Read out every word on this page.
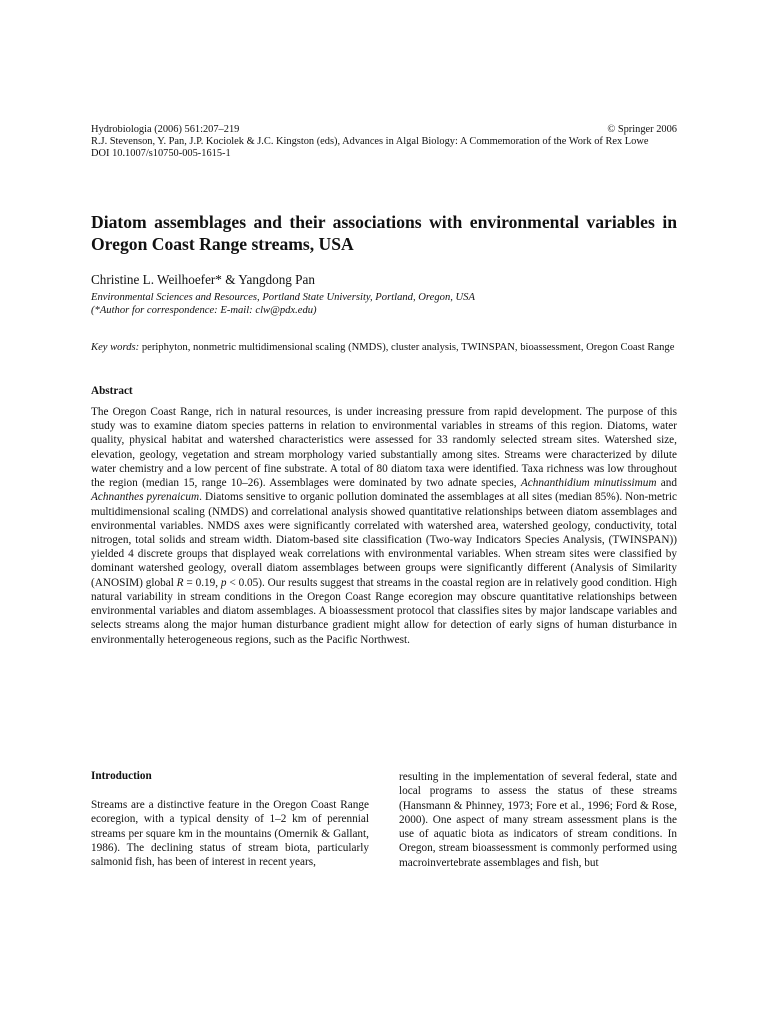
Hydrobiologia (2006) 561:207–219	© Springer 2006
R.J. Stevenson, Y. Pan, J.P. Kociolek & J.C. Kingston (eds), Advances in Algal Biology: A Commemoration of the Work of Rex Lowe
DOI 10.1007/s10750-005-1615-1
Diatom assemblages and their associations with environmental variables in Oregon Coast Range streams, USA
Christine L. Weilhoefer* & Yangdong Pan
Environmental Sciences and Resources, Portland State University, Portland, Oregon, USA
(*Author for correspondence: E-mail: clw@pdx.edu)
Key words: periphyton, nonmetric multidimensional scaling (NMDS), cluster analysis, TWINSPAN, bioassessment, Oregon Coast Range
Abstract
The Oregon Coast Range, rich in natural resources, is under increasing pressure from rapid development. The purpose of this study was to examine diatom species patterns in relation to environmental variables in streams of this region. Diatoms, water quality, physical habitat and watershed characteristics were assessed for 33 randomly selected stream sites. Watershed size, elevation, geology, vegetation and stream morphology varied substantially among sites. Streams were characterized by dilute water chemistry and a low percent of fine substrate. A total of 80 diatom taxa were identified. Taxa richness was low throughout the region (median 15, range 10–26). Assemblages were dominated by two adnate species, Achnanthidium minutissimum and Achnanthes pyrenaicum. Diatoms sensitive to organic pollution dominated the assemblages at all sites (median 85%). Non-metric multidimensional scaling (NMDS) and correlational analysis showed quantitative relationships between diatom assemblages and environmental variables. NMDS axes were significantly correlated with watershed area, watershed geology, conductivity, total nitrogen, total solids and stream width. Diatom-based site classification (Two-way Indicators Species Analysis, (TWINSPAN)) yielded 4 discrete groups that displayed weak correlations with environmental variables. When stream sites were classified by dominant watershed geology, overall diatom assemblages between groups were significantly different (Analysis of Similarity (ANOSIM) global R = 0.19, p < 0.05). Our results suggest that streams in the coastal region are in relatively good condition. High natural variability in stream conditions in the Oregon Coast Range ecoregion may obscure quantitative relationships between environmental variables and diatom assemblages. A bioassessment protocol that classifies sites by major landscape variables and selects streams along the major human disturbance gradient might allow for detection of early signs of human disturbance in environmentally heterogeneous regions, such as the Pacific Northwest.
Introduction

Streams are a distinctive feature in the Oregon Coast Range ecoregion, with a typical density of 1–2 km of perennial streams per square km in the mountains (Omernik & Gallant, 1986). The declining status of stream biota, particularly salmonid fish, has been of interest in recent years,

resulting in the implementation of several federal, state and local programs to assess the status of these streams (Hansmann & Phinney, 1973; Fore et al., 1996; Ford & Rose, 2000). One aspect of many stream assessment plans is the use of aquatic biota as indicators of stream conditions. In Oregon, stream bioassessment is commonly performed using macroinvertebrate assemblages and fish, but
